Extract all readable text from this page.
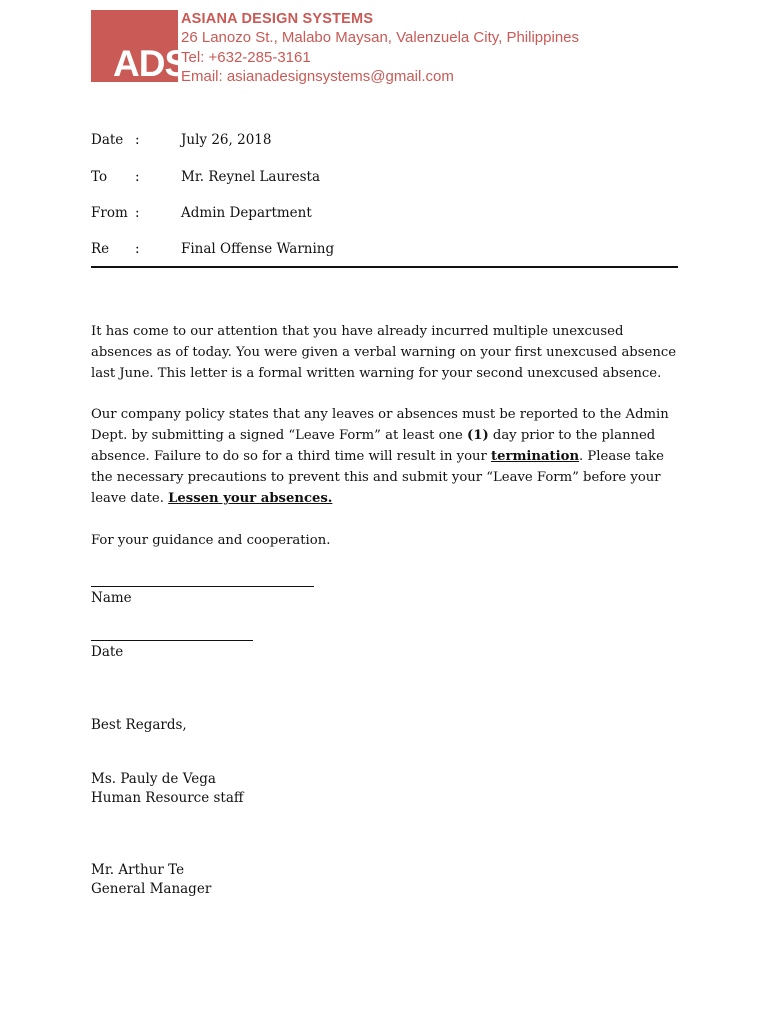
ADS
ASIANA DESIGN SYSTEMS
26 Lanozo St., Malabo Maysan, Valenzuela City, Philippines
Tel: +632-285-3161
Email: asianadesignsystems@gmail.com
Date :	July 26, 2018
To :	Mr. Reynel Lauresta
From :	Admin Department
Re :	Final Offense Warning

It has come to our attention that you have already incurred multiple unexcused absences as of today. You were given a verbal warning on your first unexcused absence last June. This letter is a formal written warning for your second unexcused absence.

Our company policy states that any leaves or absences must be reported to the Admin Dept. by submitting a signed “Leave Form” at least one (1) day prior to the planned absence. Failure to do so for a third time will result in your termination. Please take the necessary precautions to prevent this and submit your “Leave Form” before your leave date. Lessen your absences.

For your guidance and cooperation.

Name
Date
Best Regards,
Ms. Pauly de Vega
Human Resource staff
Mr. Arthur Te
General Manager
